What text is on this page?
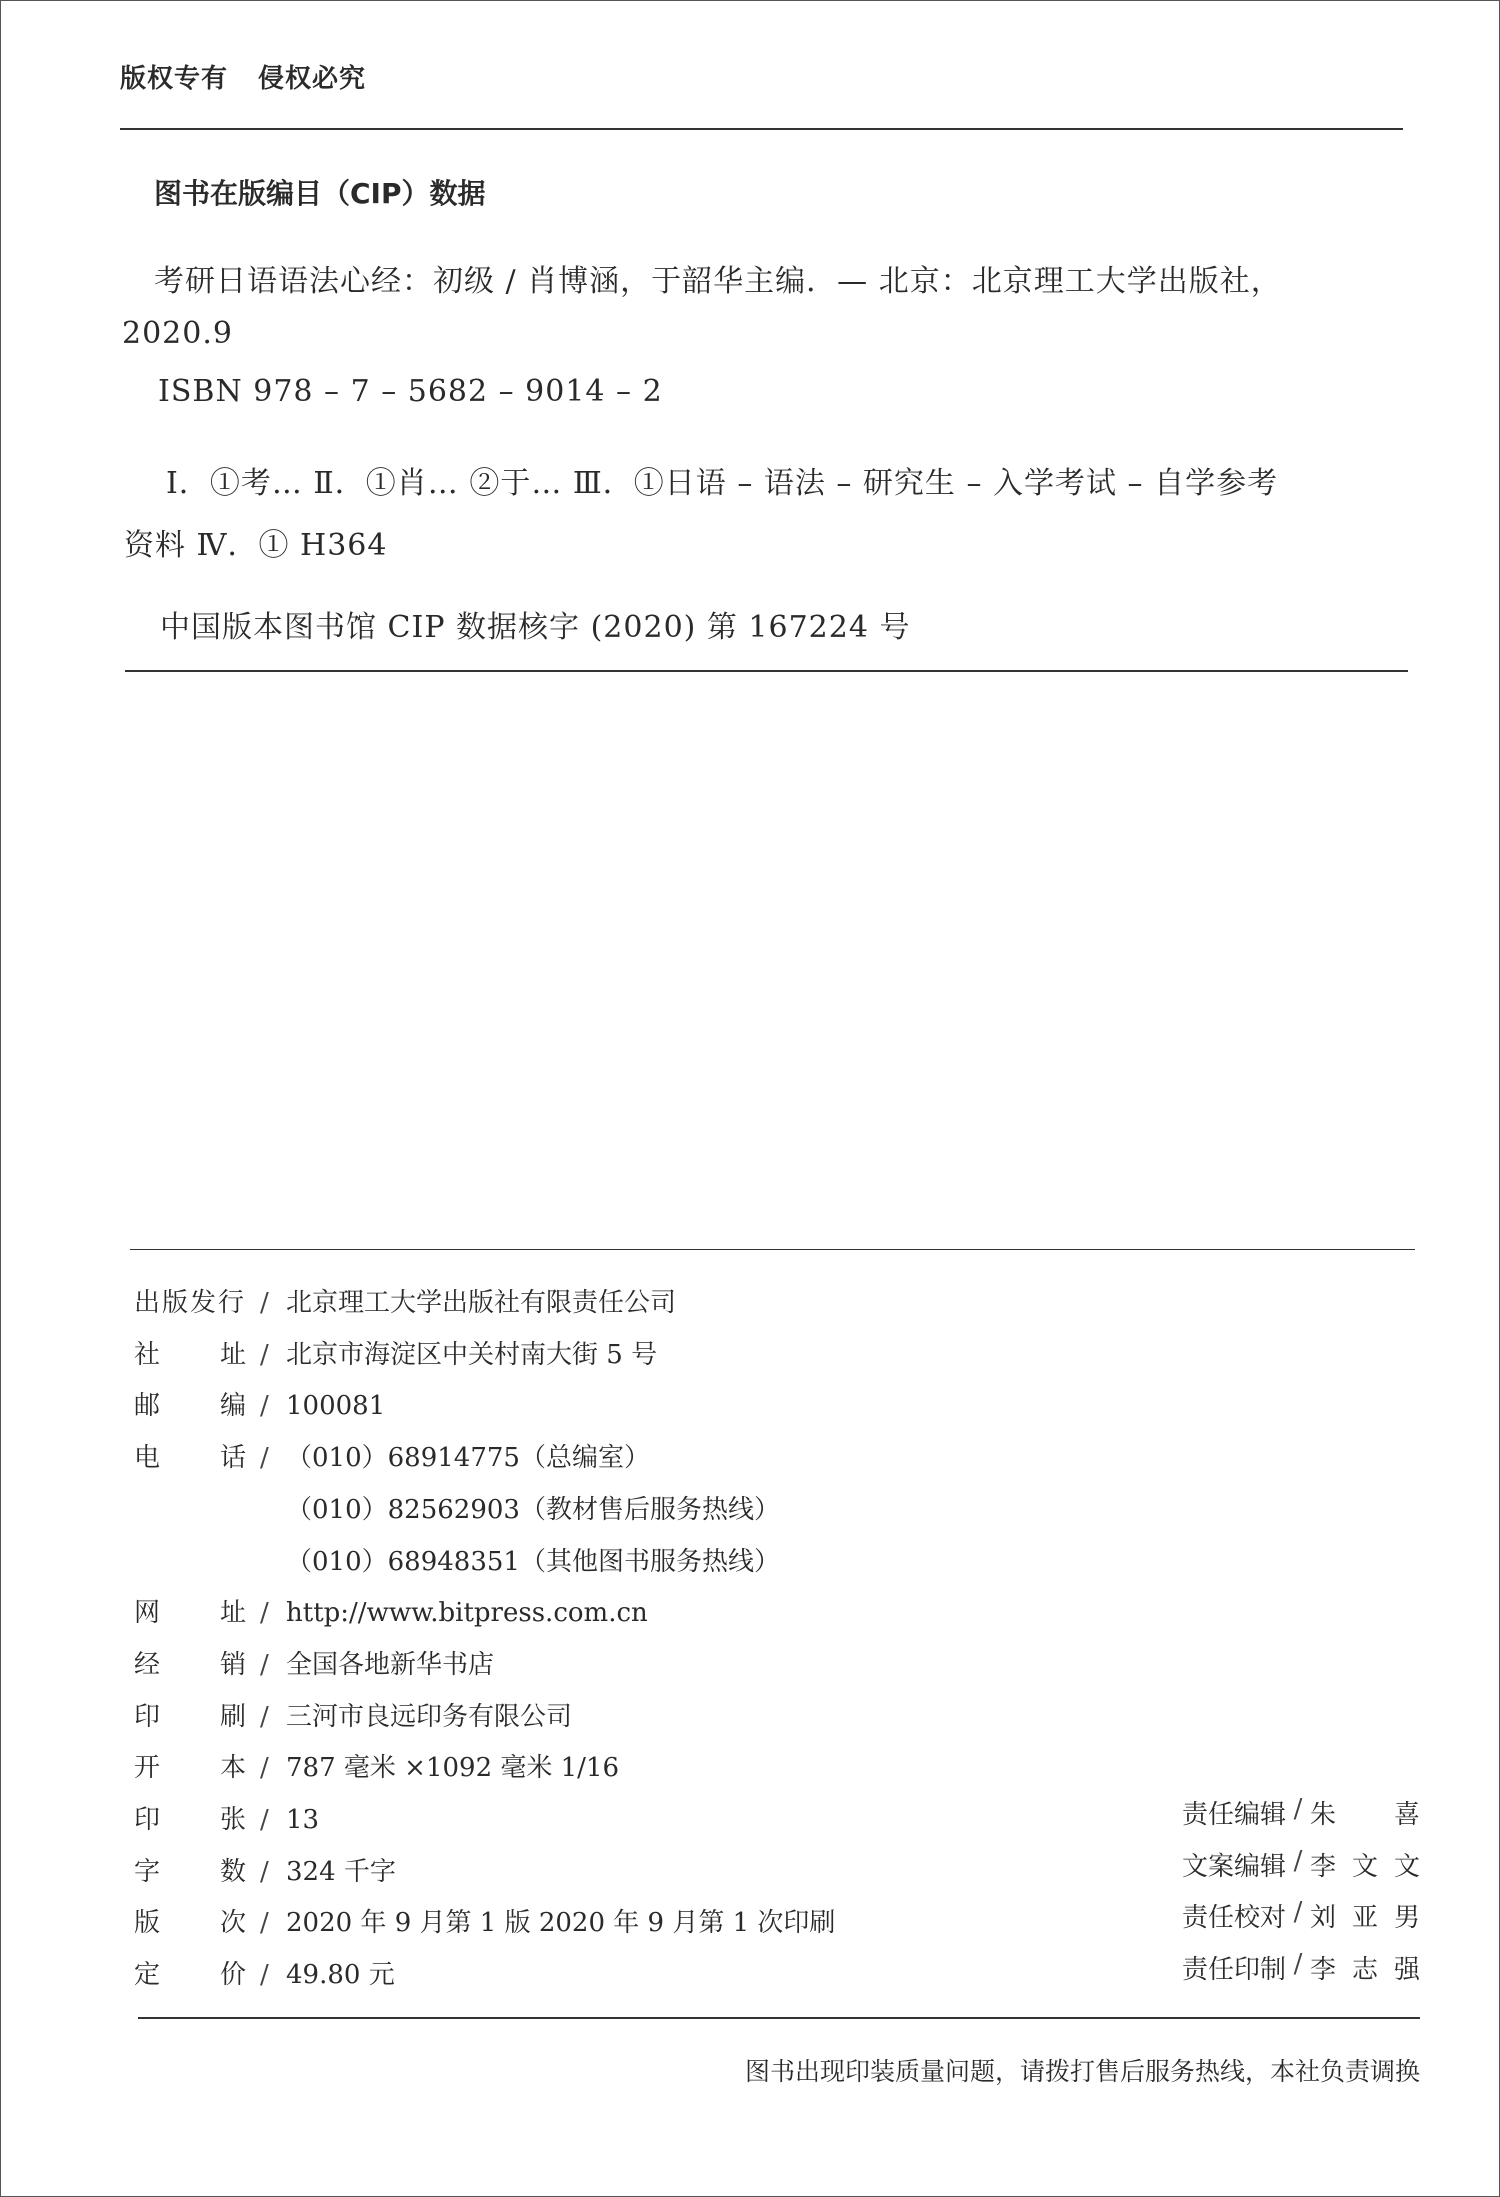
版权专有 侵权必究
图书在版编目（CIP）数据
考研日语语法心经：初级 / 肖博涵，于韶华主编．— 北京：北京理工大学出版社，
2020.9
ISBN 978 – 7 – 5682 – 9014 – 2
Ⅰ．①考… Ⅱ．①肖… ②于… Ⅲ．①日语 – 语法 – 研究生 – 入学考试 – 自学参考
资料 Ⅳ．① H364
中国版本图书馆 CIP 数据核字 (2020) 第 167224 号
出版发行 / 北京理工大学出版社有限责任公司
社 址 / 北京市海淀区中关村南大街 5 号
邮 编 / 100081
电 话 / （010）68914775（总编室）
（010）82562903（教材售后服务热线）
（010）68948351（其他图书服务热线）
网 址 / http://www.bitpress.com.cn
经 销 / 全国各地新华书店
印 刷 / 三河市良远印务有限公司
开 本 / 787 毫米 ×1092 毫米 1/16
印 张 / 13
字 数 / 324 千字
版 次 / 2020 年 9 月第 1 版 2020 年 9 月第 1 次印刷
定 价 / 49.80 元
责任编辑 / 朱　喜
文案编辑 / 李文文
责任校对 / 刘亚男
责任印制 / 李志强
图书出现印装质量问题，请拨打售后服务热线，本社负责调换
